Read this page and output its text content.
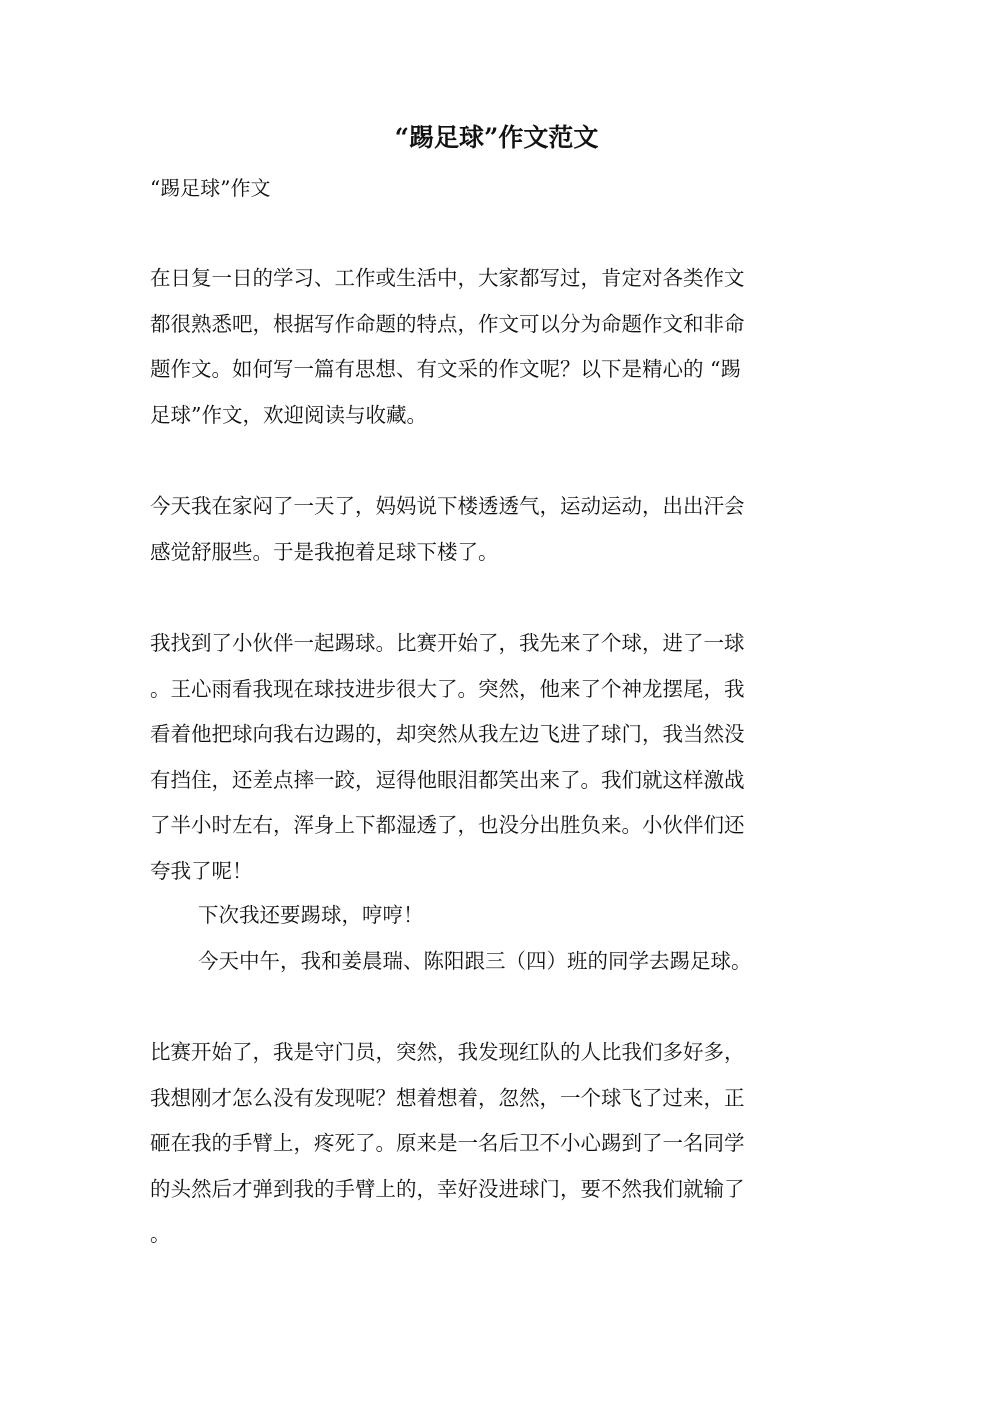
“踢足球”作文范文

“踢足球”作文

在日复一日的学习、工作或生活中，大家都写过，肯定对各类作文
都很熟悉吧，根据写作命题的特点，作文可以分为命题作文和非命
题作文。如何写一篇有思想、有文采的作文呢？以下是精心的 “踢
足球”作文，欢迎阅读与收藏。

今天我在家闷了一天了，妈妈说下楼透透气，运动运动，出出汗会
感觉舒服些。于是我抱着足球下楼了。

我找到了小伙伴一起踢球。比赛开始了，我先来了个球，进了一球
。王心雨看我现在球技进步很大了。突然，他来了个神龙摆尾，我
看着他把球向我右边踢的，却突然从我左边飞进了球门，我当然没
有挡住，还差点摔一跤，逗得他眼泪都笑出来了。我们就这样激战
了半小时左右，浑身上下都湿透了，也没分出胜负来。小伙伴们还
夸我了呢！

下次我还要踢球，哼哼！

今天中午，我和姜晨瑞、陈阳跟三（四）班的同学去踢足球。

比赛开始了，我是守门员，突然，我发现红队的人比我们多好多，
我想刚才怎么没有发现呢？想着想着，忽然，一个球飞了过来，正
砸在我的手臂上，疼死了。原来是一名后卫不小心踢到了一名同学
的头然后才弹到我的手臂上的，幸好没进球门，要不然我们就输了
。
